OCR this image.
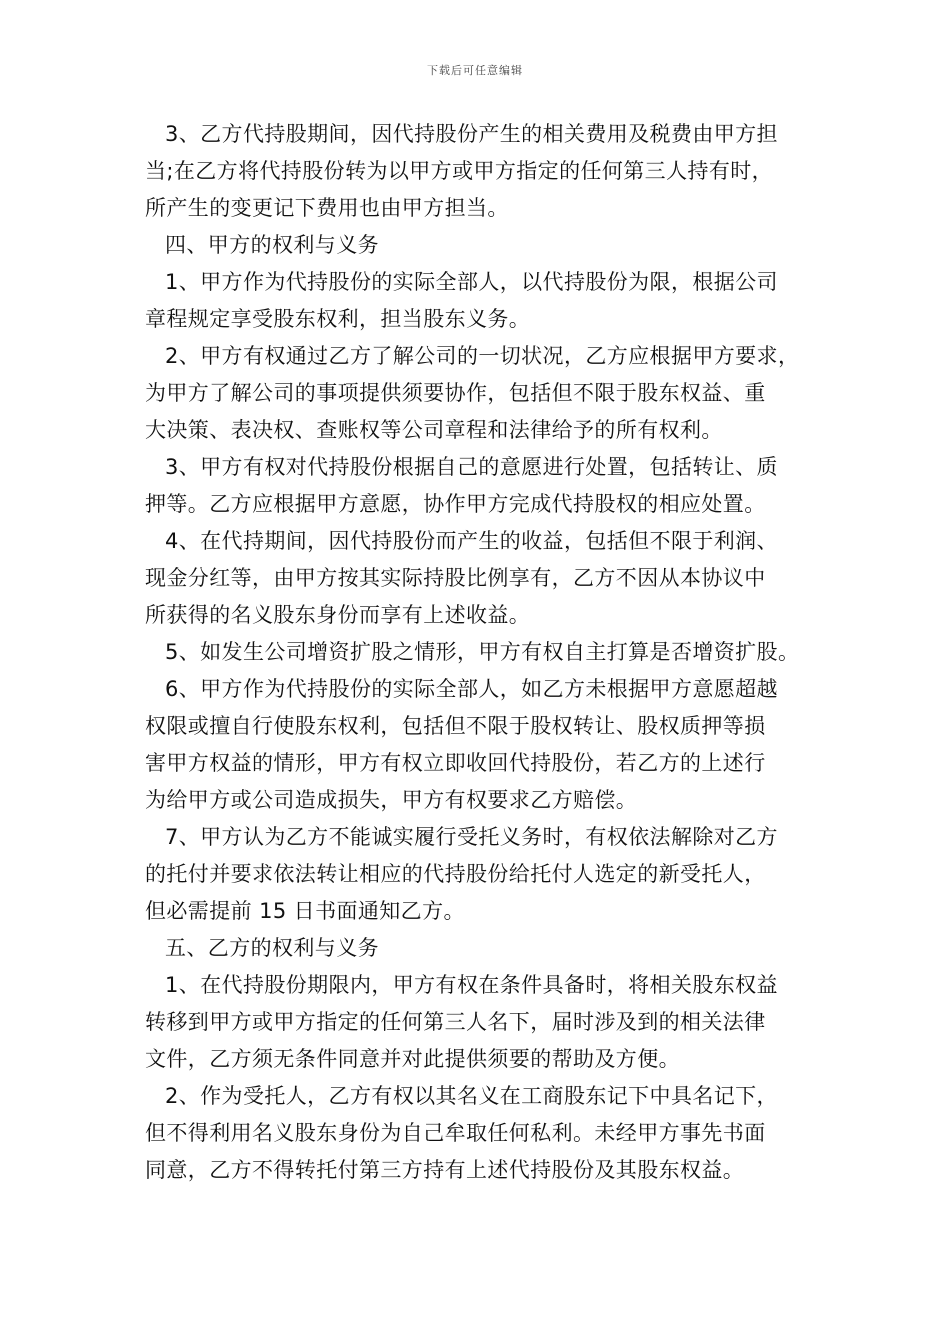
下载后可任意编辑
3、乙方代持股期间，因代持股份产生的相关费用及税费由甲方担
当;在乙方将代持股份转为以甲方或甲方指定的任何第三人持有时，
所产生的变更记下费用也由甲方担当。
四、甲方的权利与义务
1、甲方作为代持股份的实际全部人，以代持股份为限，根据公司
章程规定享受股东权利，担当股东义务。
2、甲方有权通过乙方了解公司的一切状况，乙方应根据甲方要求，
为甲方了解公司的事项提供须要协作，包括但不限于股东权益、重
大决策、表决权、查账权等公司章程和法律给予的所有权利。
3、甲方有权对代持股份根据自己的意愿进行处置，包括转让、质
押等。乙方应根据甲方意愿，协作甲方完成代持股权的相应处置。
4、在代持期间，因代持股份而产生的收益，包括但不限于利润、
现金分红等，由甲方按其实际持股比例享有，乙方不因从本协议中
所获得的名义股东身份而享有上述收益。
5、如发生公司增资扩股之情形，甲方有权自主打算是否增资扩股。
6、甲方作为代持股份的实际全部人，如乙方未根据甲方意愿超越
权限或擅自行使股东权利，包括但不限于股权转让、股权质押等损
害甲方权益的情形，甲方有权立即收回代持股份，若乙方的上述行
为给甲方或公司造成损失，甲方有权要求乙方赔偿。
7、甲方认为乙方不能诚实履行受托义务时，有权依法解除对乙方
的托付并要求依法转让相应的代持股份给托付人选定的新受托人，
但必需提前 15 日书面通知乙方。
五、乙方的权利与义务
1、在代持股份期限内，甲方有权在条件具备时，将相关股东权益
转移到甲方或甲方指定的任何第三人名下，届时涉及到的相关法律
文件，乙方须无条件同意并对此提供须要的帮助及方便。
2、作为受托人，乙方有权以其名义在工商股东记下中具名记下，
但不得利用名义股东身份为自己牟取任何私利。未经甲方事先书面
同意，乙方不得转托付第三方持有上述代持股份及其股东权益。
